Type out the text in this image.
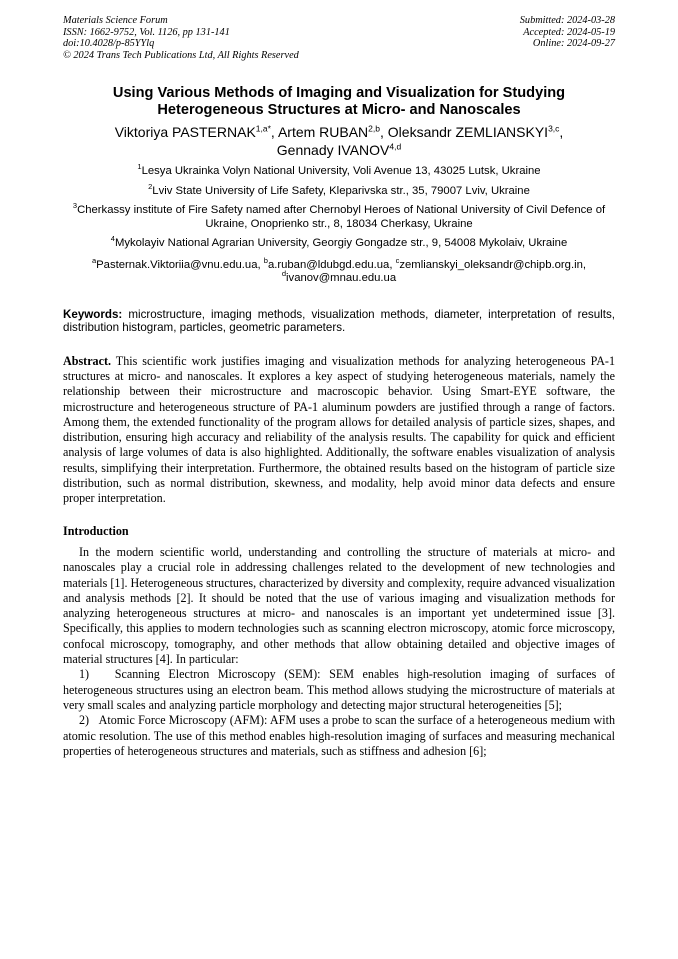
Materials Science Forum
ISSN: 1662-9752, Vol. 1126, pp 131-141
doi:10.4028/p-85YYlq
© 2024 Trans Tech Publications Ltd, All Rights Reserved
Submitted: 2024-03-28
Accepted: 2024-05-19
Online: 2024-09-27
Using Various Methods of Imaging and Visualization for Studying Heterogeneous Structures at Micro- and Nanoscales
Viktoriya $PASTERNAK^{1,a*}$, Artem RUBAN$^{2,b}$, Oleksandr ZEMLIANSKYI$^{3,c}$,
Gennady IVANOV$^{4,d}$
$^1$Lesya Ukrainka Volyn National University, Voli Avenue 13, 43025 Lutsk, Ukraine
$^2$Lviv State University of Life Safety, Kleparivska str., 35, 79007 Lviv, Ukraine
$^3$Cherkassy institute of Fire Safety named after Chernobyl Heroes of National University of Civil Defence of Ukraine, Onoprienko str., 8, 18034 Cherkasy, Ukraine
$^4$Mykolayiv National Agrarian University, Georgiy Gongadze str., 9, 54008 Mykolaiv, Ukraine
$^a$Pasternak.Viktoriia@vnu.edu.ua, $^b$a.ruban@ldubgd.edu.ua, $^c$zemlianskyi_oleksandr@chipb.org.in,
$^d$ivanov@mnau.edu.ua
Keywords: microstructure, imaging methods, visualization methods, diameter, interpretation of results, distribution histogram, particles, geometric parameters.
Abstract. This scientific work justifies imaging and visualization methods for analyzing heterogeneous PA-1 structures at micro- and nanoscales. It explores a key aspect of studying heterogeneous materials, namely the relationship between their microstructure and macroscopic behavior. Using Smart-EYE software, the microstructure and heterogeneous structure of PA-1 aluminum powders are justified through a range of factors. Among them, the extended functionality of the program allows for detailed analysis of particle sizes, shapes, and distribution, ensuring high accuracy and reliability of the analysis results. The capability for quick and efficient analysis of large volumes of data is also highlighted. Additionally, the software enables visualization of analysis results, simplifying their interpretation. Furthermore, the obtained results based on the histogram of particle size distribution, such as normal distribution, skewness, and modality, help avoid minor data defects and ensure proper interpretation.
Introduction

In the modern scientific world, understanding and controlling the structure of materials at micro- and nanoscales play a crucial role in addressing challenges related to the development of new technologies and materials [1]. Heterogeneous structures, characterized by diversity and complexity, require advanced visualization and analysis methods [2]. It should be noted that the use of various imaging and visualization methods for analyzing heterogeneous structures at micro- and nanoscales is an important yet undetermined issue [3]. Specifically, this applies to modern technologies such as scanning electron microscopy, atomic force microscopy, confocal microscopy, tomography, and other methods that allow obtaining detailed and objective images of material structures [4]. In particular:

1)   Scanning Electron Microscopy (SEM): SEM enables high-resolution imaging of surfaces of heterogeneous structures using an electron beam. This method allows studying the microstructure of materials at very small scales and analyzing particle morphology and detecting major structural heterogeneities [5];

2)   Atomic Force Microscopy (AFM): AFM uses a probe to scan the surface of a heterogeneous medium with atomic resolution. The use of this method enables high-resolution imaging of surfaces and measuring mechanical properties of heterogeneous structures and materials, such as stiffness and adhesion [6];
